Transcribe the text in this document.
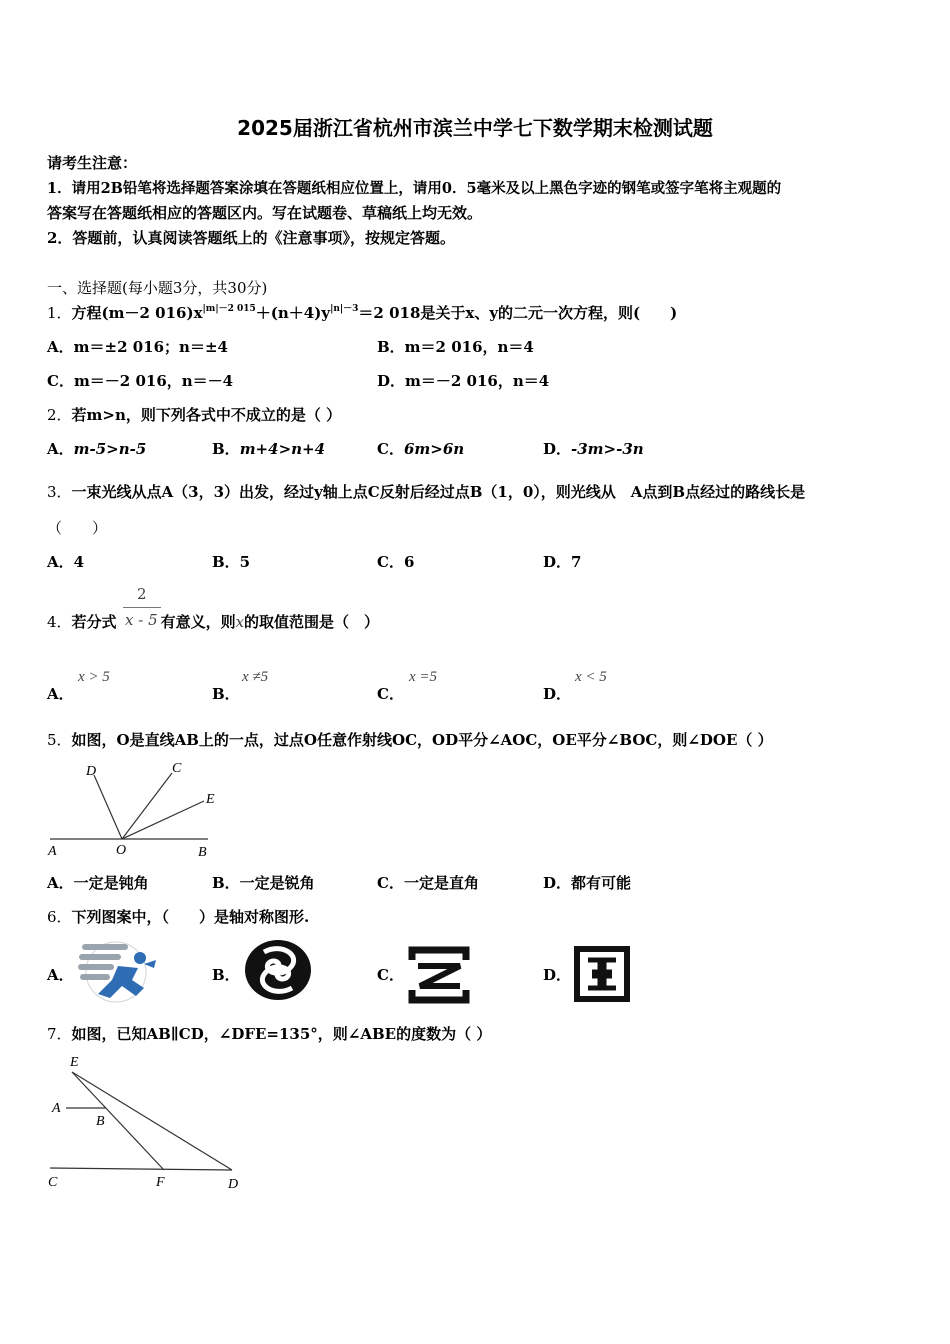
2025届浙江省杭州市滨兰中学七下数学期末检测试题
请考生注意：
1．请用2B铅笔将选择题答案涂填在答题纸相应位置上，请用0．5毫米及以上黑色字迹的钢笔或签字笔将主观题的
答案写在答题纸相应的答题区内。写在试题卷、草稿纸上均无效。
2．答题前，认真阅读答题纸上的《注意事项》，按规定答题。
一、选择题(每小题3分，共30分)
1．方程(m－2 $016)x^{|m|-2 015}+(n+4)y^{|n|-3}=2$ 018是关于x、y的二元一次方程，则(　　)
A．m＝±2 016；n＝±4	B．m＝2 016，n＝4
C．m＝－2 016，n＝－4	D．m＝－2 016，n＝4
2．若m>n，则下列各式中不成立的是（ ）
A．m-5>n-5	B．m+4>n+4	C．6m>6n	D．-3m>-3n
3．一束光线从点A（3，3）出发，经过y轴上点C反射后经过点B（1，0），则光线从　A点到B点经过的路线长是
（　　）
A．4	B．5	C．6	D．7
4．若分式	有意义，则x的取值范围是（　）
2
x - 5
A．
x > 5
B．
x ≠5
C．
x =5
D．
x < 5
5．如图，O是直线AB上的一点，过点O任意作射线OC，OD平分∠AOC，OE平分∠BOC，则∠DOE（ ）
D	C
E
A	O	B
A．一定是钝角	B．一定是锐角	C．一定是直角	D．都有可能
6．下列图案中，（　　）是轴对称图形.
A．	B．	C．	D．
7．如图，已知AB∥CD，∠DFE=135°，则∠ABE的度数为（ ）
E
A
B
C	F	D
